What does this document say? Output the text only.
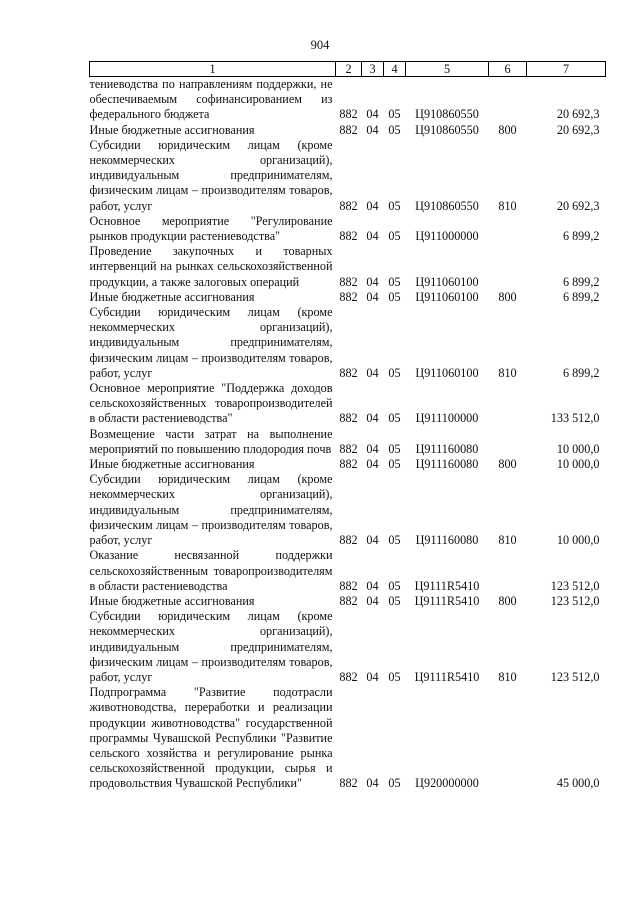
904
1	2	3	4	5	6	7
тениеводства по направлениям поддержки, не обеспечиваемым софинансированием из федерального бюджета	882	04	05	Ц910860550		20 692,3
Иные бюджетные ассигнования	882	04	05	Ц910860550	800	20 692,3
Субсидии юридическим лицам (кроме некоммерческих организаций), индивидуальным предпринимателям, физическим лицам – производителям товаров, работ, услуг	882	04	05	Ц910860550	810	20 692,3
Основное мероприятие "Регулирование рынков продукции растениеводства"	882	04	05	Ц911000000		6 899,2
Проведение закупочных и товарных интервенций на рынках сельскохозяйственной продукции, а также залоговых операций	882	04	05	Ц911060100		6 899,2
Иные бюджетные ассигнования	882	04	05	Ц911060100	800	6 899,2
Субсидии юридическим лицам (кроме некоммерческих организаций), индивидуальным предпринимателям, физическим лицам – производителям товаров, работ, услуг	882	04	05	Ц911060100	810	6 899,2
Основное мероприятие "Поддержка доходов сельскохозяйственных товаропроизводителей в области растениеводства"	882	04	05	Ц911100000		133 512,0
Возмещение части затрат на выполнение мероприятий по повышению плодородия почв	882	04	05	Ц911160080		10 000,0
Иные бюджетные ассигнования	882	04	05	Ц911160080	800	10 000,0
Субсидии юридическим лицам (кроме некоммерческих организаций), индивидуальным предпринимателям, физическим лицам – производителям товаров, работ, услуг	882	04	05	Ц911160080	810	10 000,0
Оказание несвязанной поддержки сельскохозяйственным товаропроизводителям в области растениеводства	882	04	05	Ц9111R5410		123 512,0
Иные бюджетные ассигнования	882	04	05	Ц9111R5410	800	123 512,0
Субсидии юридическим лицам (кроме некоммерческих организаций), индивидуальным предпринимателям, физическим лицам – производителям товаров, работ, услуг	882	04	05	Ц9111R5410	810	123 512,0
Подпрограмма "Развитие подотрасли животноводства, переработки и реализации продукции животноводства" государственной программы Чувашской Республики "Развитие сельского хозяйства и регулирование рынка сельскохозяйственной продукции, сырья и продовольствия Чувашской Республики"	882	04	05	Ц920000000		45 000,0
